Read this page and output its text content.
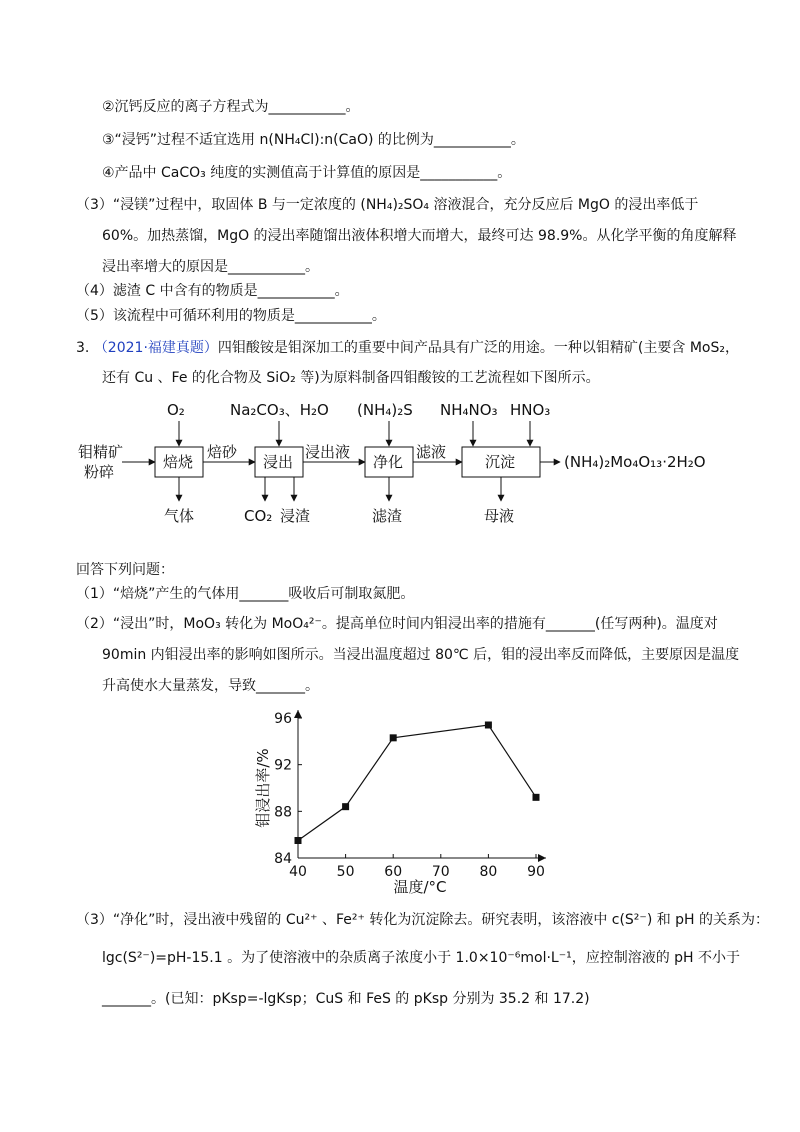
②沉钙反应的离子方程式为___________。
③“浸钙”过程不适宜选用 n(NH₄Cl):n(CaO) 的比例为___________。
④产品中 CaCO₃ 纯度的实测值高于计算值的原因是___________。
（3）“浸镁”过程中，取固体 B 与一定浓度的 (NH₄)₂SO₄ 溶液混合，充分反应后 MgO 的浸出率低于
60%。加热蒸馏，MgO 的浸出率随馏出液体积增大而增大，最终可达 98.9%。从化学平衡的角度解释
浸出率增大的原因是___________。
（4）滤渣 C 中含有的物质是___________。
（5）该流程中可循环利用的物质是___________。
3. （2021·福建真题）四钼酸铵是钼深加工的重要中间产品具有广泛的用途。一种以钼精矿(主要含 MoS₂，
还有 Cu 、Fe 的化合物及 SiO₂ 等)为原料制备四钼酸铵的工艺流程如下图所示。
钼精矿
粉碎
焙烧	浸出	净化	沉淀
焙砂	浸出液	滤液
(NH₄)₂Mo₄O₁₃·2H₂O
O₂	Na₂CO₃、H₂O (NH₄)₂S NH₄NO₃ HNO₃
气体	CO₂ 浸渣	滤渣	母液
回答下列问题：
（1）“焙烧”产生的气体用_______吸收后可制取氮肥。
（2）“浸出”时，MoO₃ 转化为 MoO₄²⁻。提高单位时间内钼浸出率的措施有_______(任写两种)。温度对
90min 内钼浸出率的影响如图所示。当浸出温度超过 80℃ 后，钼的浸出率反而降低，主要原因是温度
升高使水大量蒸发，导致_______。
钼浸出率/%
温度/°C
40 50 60 70 80 90
84
88
92
96
（3）“净化”时，浸出液中残留的 Cu²⁺ 、Fe²⁺ 转化为沉淀除去。研究表明，该溶液中 c(S²⁻) 和 pH 的关系为：
lgc(S²⁻)=pH-15.1 。为了使溶液中的杂质离子浓度小于 1.0×10⁻⁶mol·L⁻¹，应控制溶液的 pH 不小于
_______。(已知：pKsp=-lgKsp；CuS 和 FeS 的 pKsp 分别为 35.2 和 17.2)
